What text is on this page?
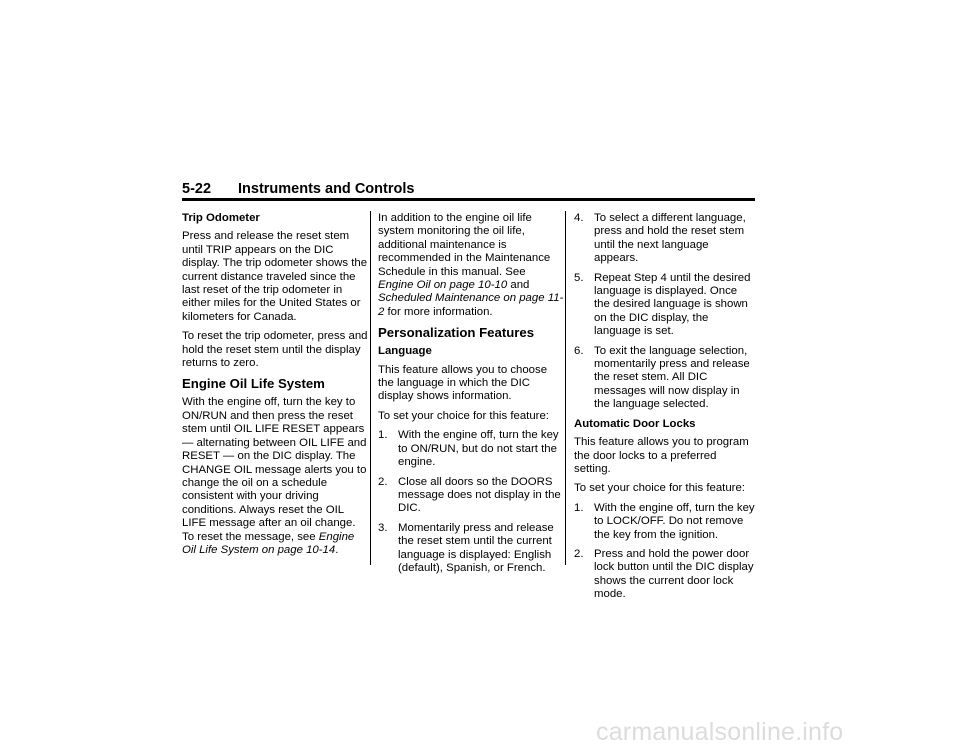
5-22 Instruments and Controls
Trip Odometer

Press and release the reset stem until TRIP appears on the DIC display. The trip odometer shows the current distance traveled since the last reset of the trip odometer in either miles for the United States or kilometers for Canada.

To reset the trip odometer, press and hold the reset stem until the display returns to zero.

Engine Oil Life System

With the engine off, turn the key to ON/RUN and then press the reset stem until OIL LIFE RESET appears — alternating between OIL LIFE and RESET — on the DIC display. The CHANGE OIL message alerts you to change the oil on a schedule consistent with your driving conditions. Always reset the OIL LIFE message after an oil change. To reset the message, see Engine Oil Life System on page 10-14.

In addition to the engine oil life system monitoring the oil life, additional maintenance is recommended in the Maintenance Schedule in this manual. See Engine Oil on page 10-10 and Scheduled Maintenance on page 11-2 for more information.

Personalization Features
Language

This feature allows you to choose the language in which the DIC display shows information.

To set your choice for this feature:

1. With the engine off, turn the key to ON/RUN, but do not start the engine.
2. Close all doors so the DOORS message does not display in the DIC.
3. Momentarily press and release the reset stem until the current language is displayed: English (default), Spanish, or French.
4. To select a different language, press and hold the reset stem until the next language appears.
5. Repeat Step 4 until the desired language is displayed. Once the desired language is shown on the DIC display, the language is set.
6. To exit the language selection, momentarily press and release the reset stem. All DIC messages will now display in the language selected.
Automatic Door Locks

This feature allows you to program the door locks to a preferred setting.

To set your choice for this feature:

1. With the engine off, turn the key to LOCK/OFF. Do not remove the key from the ignition.
2. Press and hold the power door lock button until the DIC display shows the current door lock mode.
carmanualsonline.info
